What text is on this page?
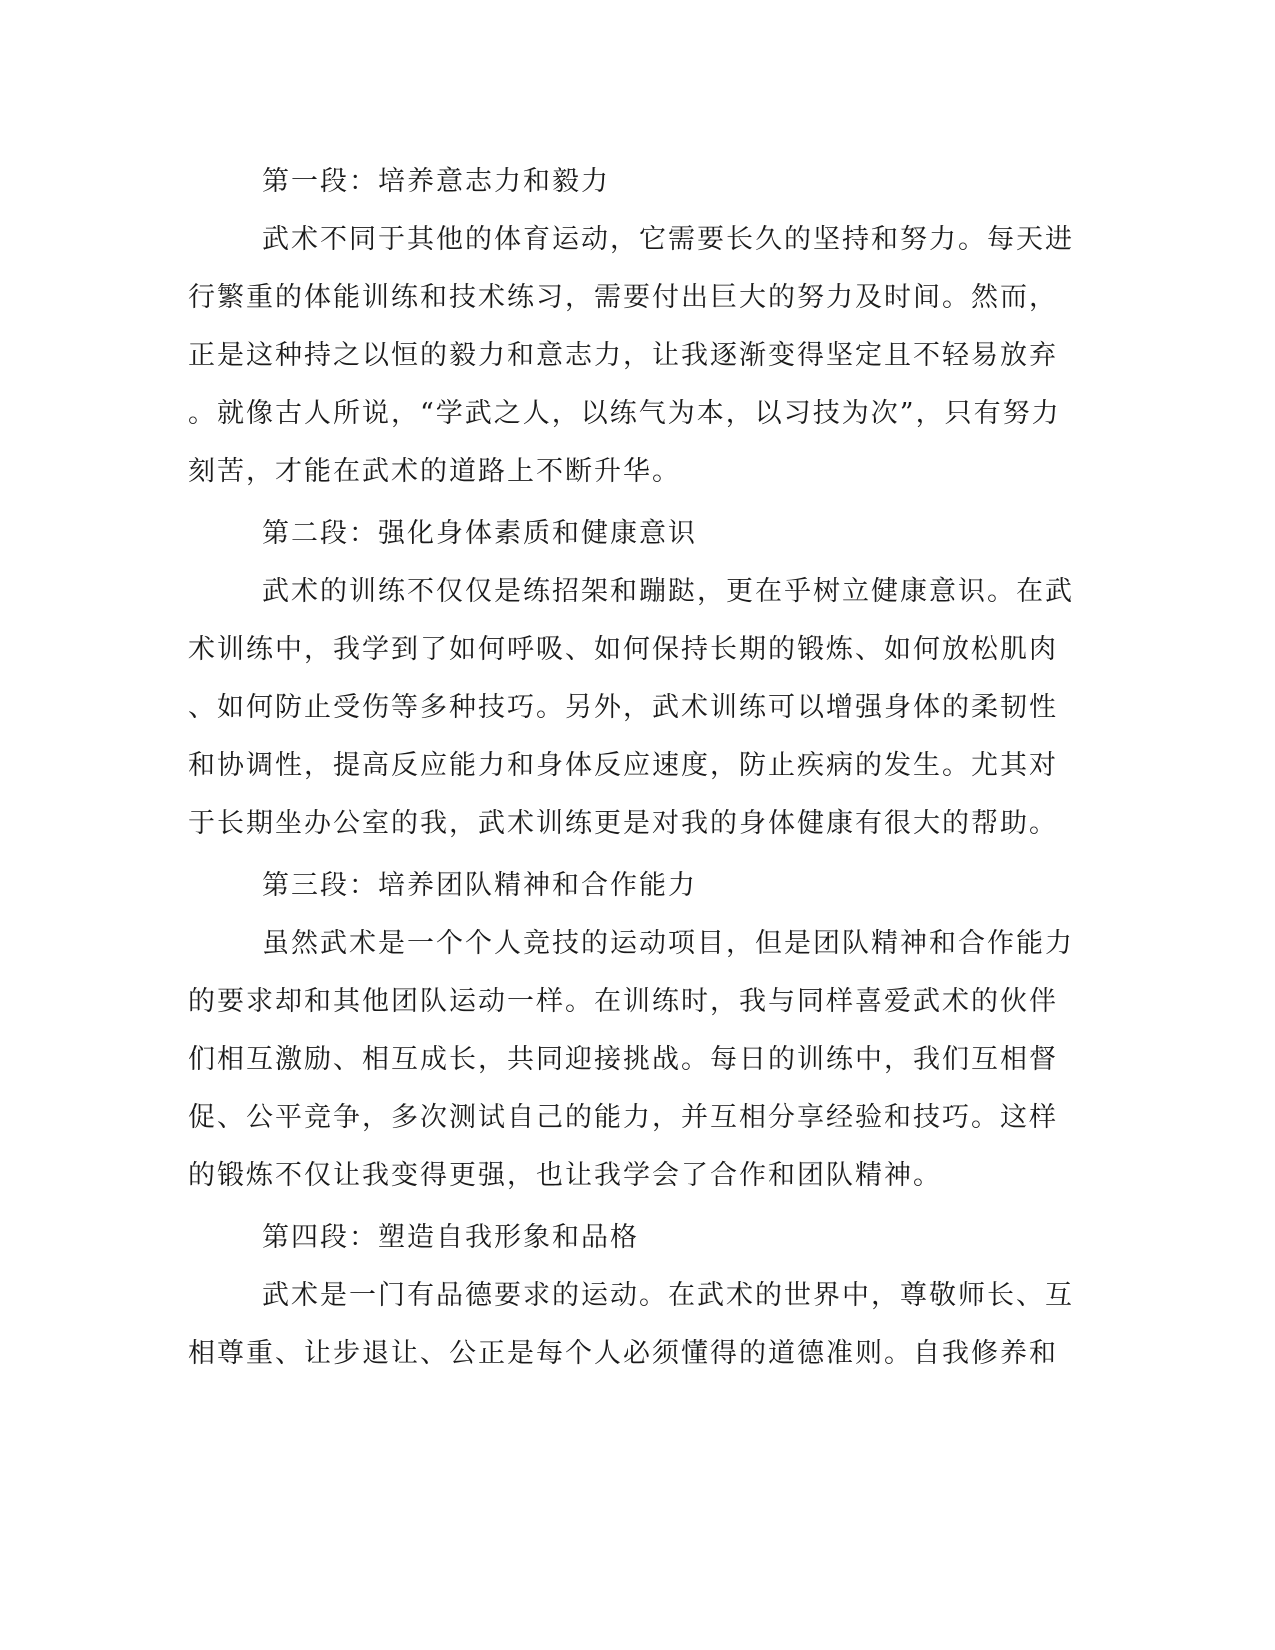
第一段：培养意志力和毅力
武术不同于其他的体育运动，它需要长久的坚持和努力。每天进
行繁重的体能训练和技术练习，需要付出巨大的努力及时间。然而，
正是这种持之以恒的毅力和意志力，让我逐渐变得坚定且不轻易放弃
。就像古人所说，“学武之人，以练气为本，以习技为次”，只有努力
刻苦，才能在武术的道路上不断升华。
第二段：强化身体素质和健康意识
武术的训练不仅仅是练招架和蹦跶，更在乎树立健康意识。在武
术训练中，我学到了如何呼吸、如何保持长期的锻炼、如何放松肌肉
、如何防止受伤等多种技巧。另外，武术训练可以增强身体的柔韧性
和协调性，提高反应能力和身体反应速度，防止疾病的发生。尤其对
于长期坐办公室的我，武术训练更是对我的身体健康有很大的帮助。
第三段：培养团队精神和合作能力
虽然武术是一个个人竞技的运动项目，但是团队精神和合作能力
的要求却和其他团队运动一样。在训练时，我与同样喜爱武术的伙伴
们相互激励、相互成长，共同迎接挑战。每日的训练中，我们互相督
促、公平竞争，多次测试自己的能力，并互相分享经验和技巧。这样
的锻炼不仅让我变得更强，也让我学会了合作和团队精神。
第四段：塑造自我形象和品格
武术是一门有品德要求的运动。在武术的世界中，尊敬师长、互
相尊重、让步退让、公正是每个人必须懂得的道德准则。自我修养和
